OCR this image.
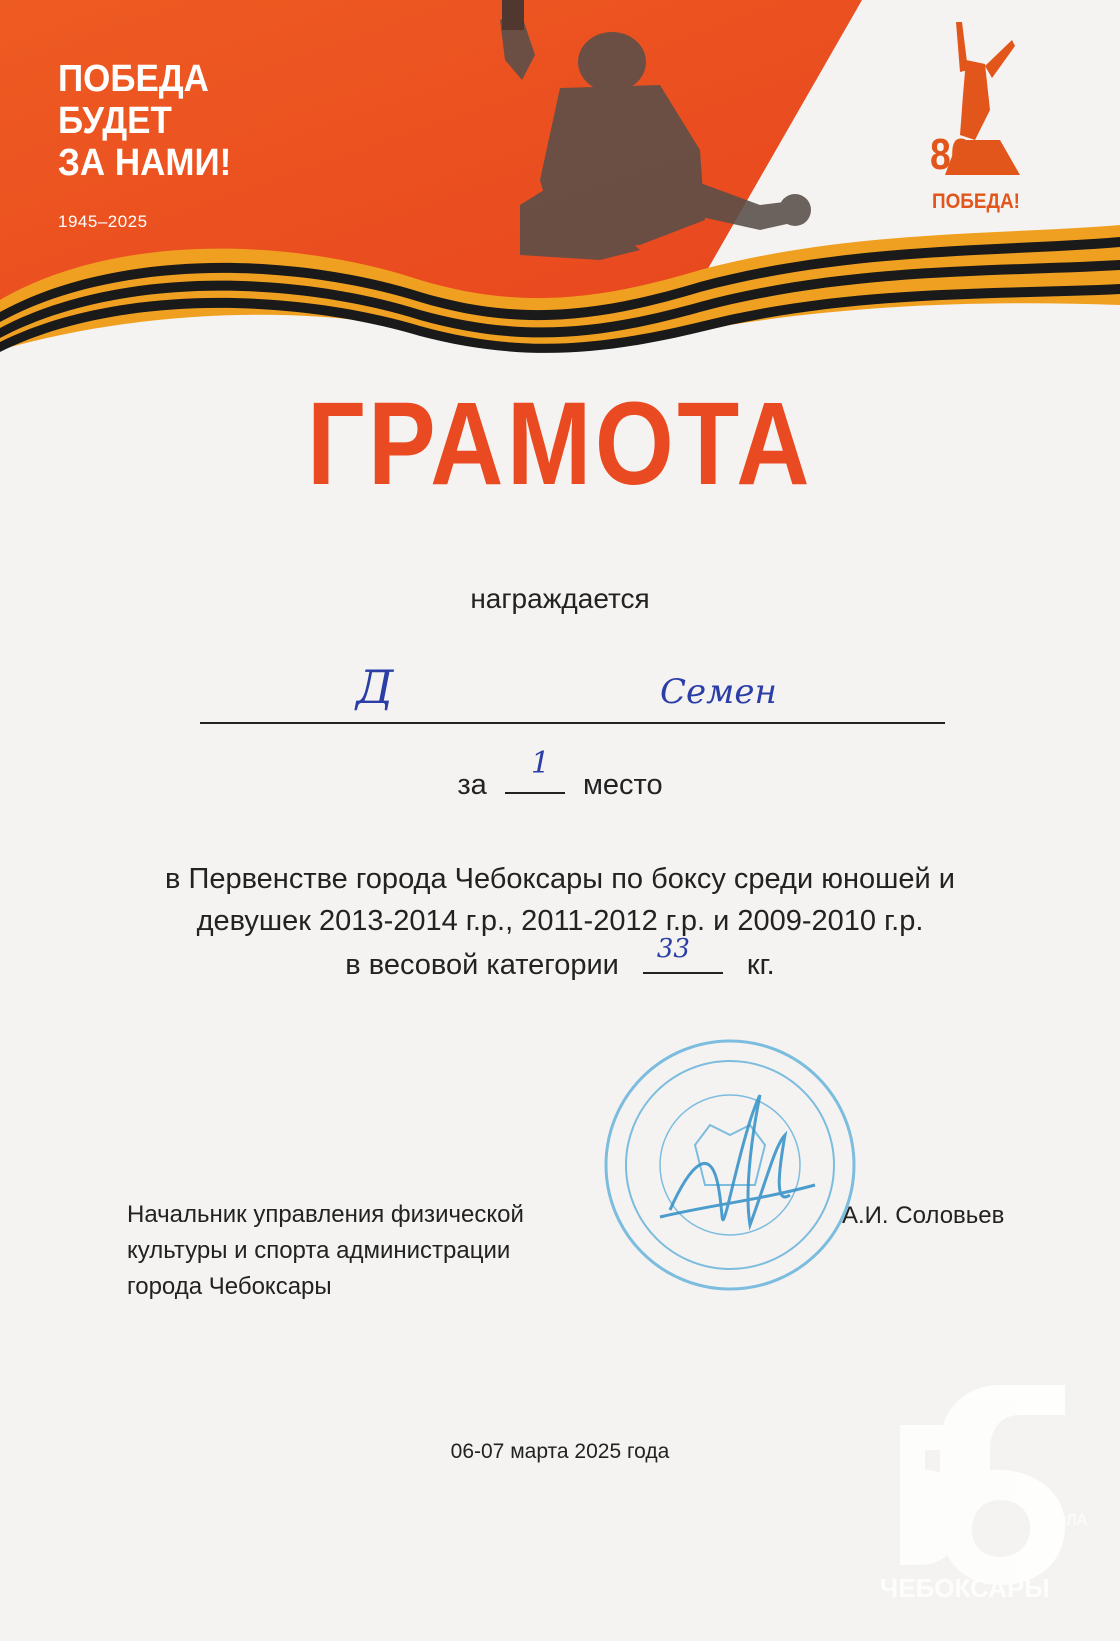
ПОБЕДА
БУДЕТ
ЗА НАМИ!
1945–2025
80
ПОБЕДА!
ГРАМОТА
награждается
Д	Семен
за
1
место
в Первенстве города Чебоксары по боксу среди юношей и
девушек 2013-2014 г.р., 2011-2012 г.р. и 2009-2010 г.р.
в весовой категории 33 кг.
Начальник управления физической
культуры и спорта администрации
города Чебоксары
А.И. Соловьев
06-07 марта 2025 года
ШКОЛА
ЧЕБОКСАРЫ
